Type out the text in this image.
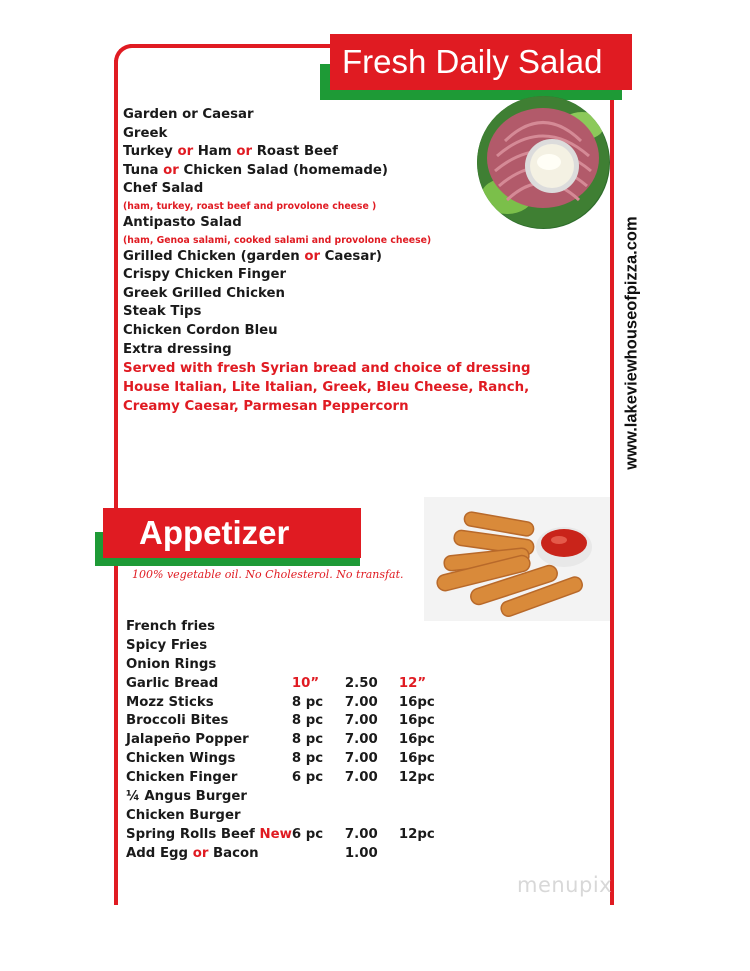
Fresh Daily Salad
Garden or Caesar
Greek
Turkey or Ham or Roast Beef
Tuna or Chicken Salad (homemade)
Chef Salad
(ham, turkey, roast beef and provolone cheese )
Antipasto Salad
(ham, Genoa salami, cooked salami and provolone cheese)
Grilled Chicken (garden or Caesar)
Crispy Chicken Finger
Greek Grilled Chicken
Steak Tips
Chicken Cordon Bleu
Extra dressing
Served with fresh Syrian bread and choice of dressing
House Italian, Lite Italian, Greek, Bleu Cheese, Ranch,
Creamy Caesar, Parmesan Peppercorn	www.lakeviewhouseofpizza.com
Appetizer
100% vegetable oil. No Cholesterol. No transfat.
French fries			
Spicy Fries			
Onion Rings			
Garlic Bread	10”	2.50	12”
Mozz Sticks	8 pc	7.00	16pc
Broccoli Bites	8 pc	7.00	16pc
Jalapeño Popper	8 pc	7.00	16pc
Chicken Wings	8 pc	7.00	16pc
Chicken Finger	6 pc	7.00	12pc
¼ Angus Burger			
Chicken Burger			
Spring Rolls Beef New	6 pc	7.00	12pc
Add Egg or Bacon		1.00	
menupix
